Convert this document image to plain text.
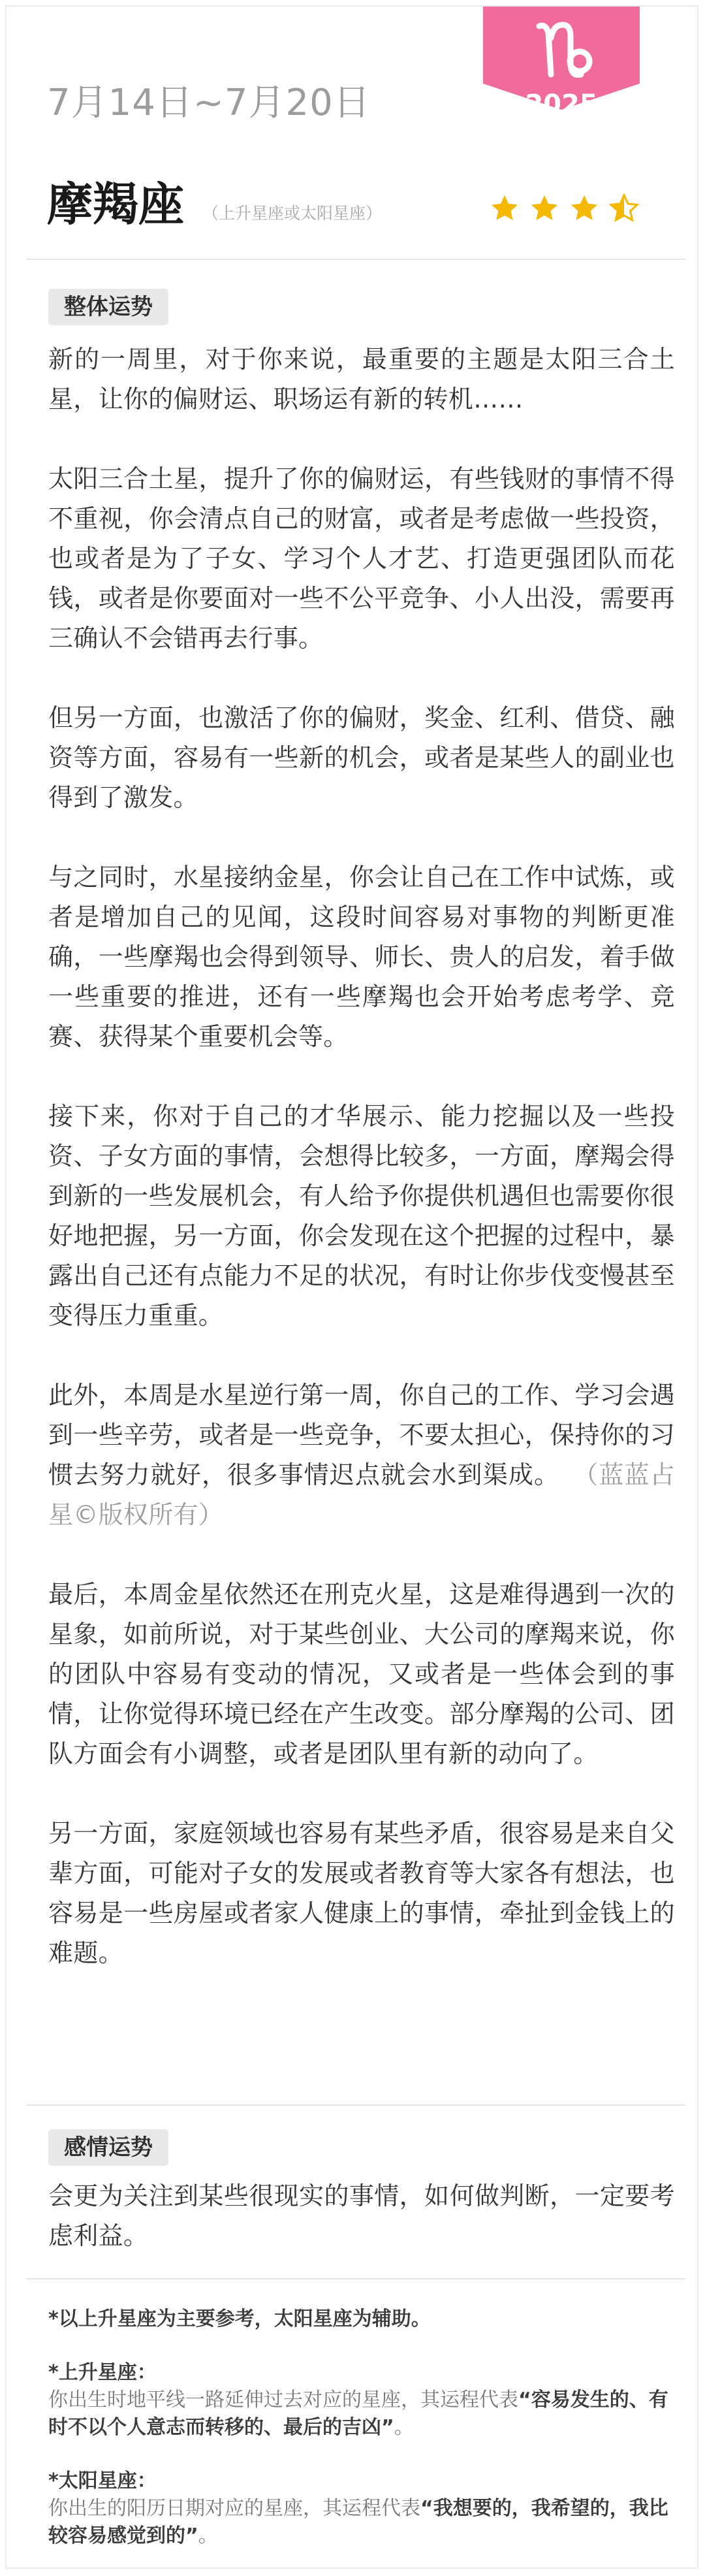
2025
7月14日~7月20日
摩羯座 （上升星座或太阳星座）

整体运势

新的一周里，对于你来说，最重要的主题是太阳三合土星，让你的偏财运、职场运有新的转机……

太阳三合土星，提升了你的偏财运，有些钱财的事情不得不重视，你会清点自己的财富，或者是考虑做一些投资，也或者是为了子女、学习个人才艺、打造更强团队而花钱，或者是你要面对一些不公平竞争、小人出没，需要再三确认不会错再去行事。

但另一方面，也激活了你的偏财，奖金、红利、借贷、融资等方面，容易有一些新的机会，或者是某些人的副业也得到了激发。

与之同时，水星接纳金星，你会让自己在工作中试炼，或者是增加自己的见闻，这段时间容易对事物的判断更准确，一些摩羯也会得到领导、师长、贵人的启发，着手做一些重要的推进，还有一些摩羯也会开始考虑考学、竞赛、获得某个重要机会等。

接下来，你对于自己的才华展示、能力挖掘以及一些投资、子女方面的事情，会想得比较多，一方面，摩羯会得到新的一些发展机会，有人给予你提供机遇但也需要你很好地把握，另一方面，你会发现在这个把握的过程中，暴露出自己还有点能力不足的状况，有时让你步伐变慢甚至变得压力重重。

此外，本周是水星逆行第一周，你自己的工作、学习会遇到一些辛劳，或者是一些竞争，不要太担心，保持你的习惯去努力就好，很多事情迟点就会水到渠成。 （蓝蓝占星©版权所有）

最后，本周金星依然还在刑克火星，这是难得遇到一次的星象，如前所说，对于某些创业、大公司的摩羯来说，你的团队中容易有变动的情况，又或者是一些体会到的事情，让你觉得环境已经在产生改变。部分摩羯的公司、团队方面会有小调整，或者是团队里有新的动向了。

另一方面，家庭领域也容易有某些矛盾，很容易是来自父辈方面，可能对子女的发展或者教育等大家各有想法，也容易是一些房屋或者家人健康上的事情，牵扯到金钱上的难题。

感情运势
会更为关注到某些很现实的事情，如何做判断，一定要考虑利益。
*以上升星座为主要参考，太阳星座为辅助。
*上升星座：
你出生时地平线一路延伸过去对应的星座，其运程代表“容易发生的、有时不以个人意志而转移的、最后的吉凶”。
*太阳星座：
你出生的阳历日期对应的星座，其运程代表“我想要的，我希望的，我比较容易感觉到的”。
